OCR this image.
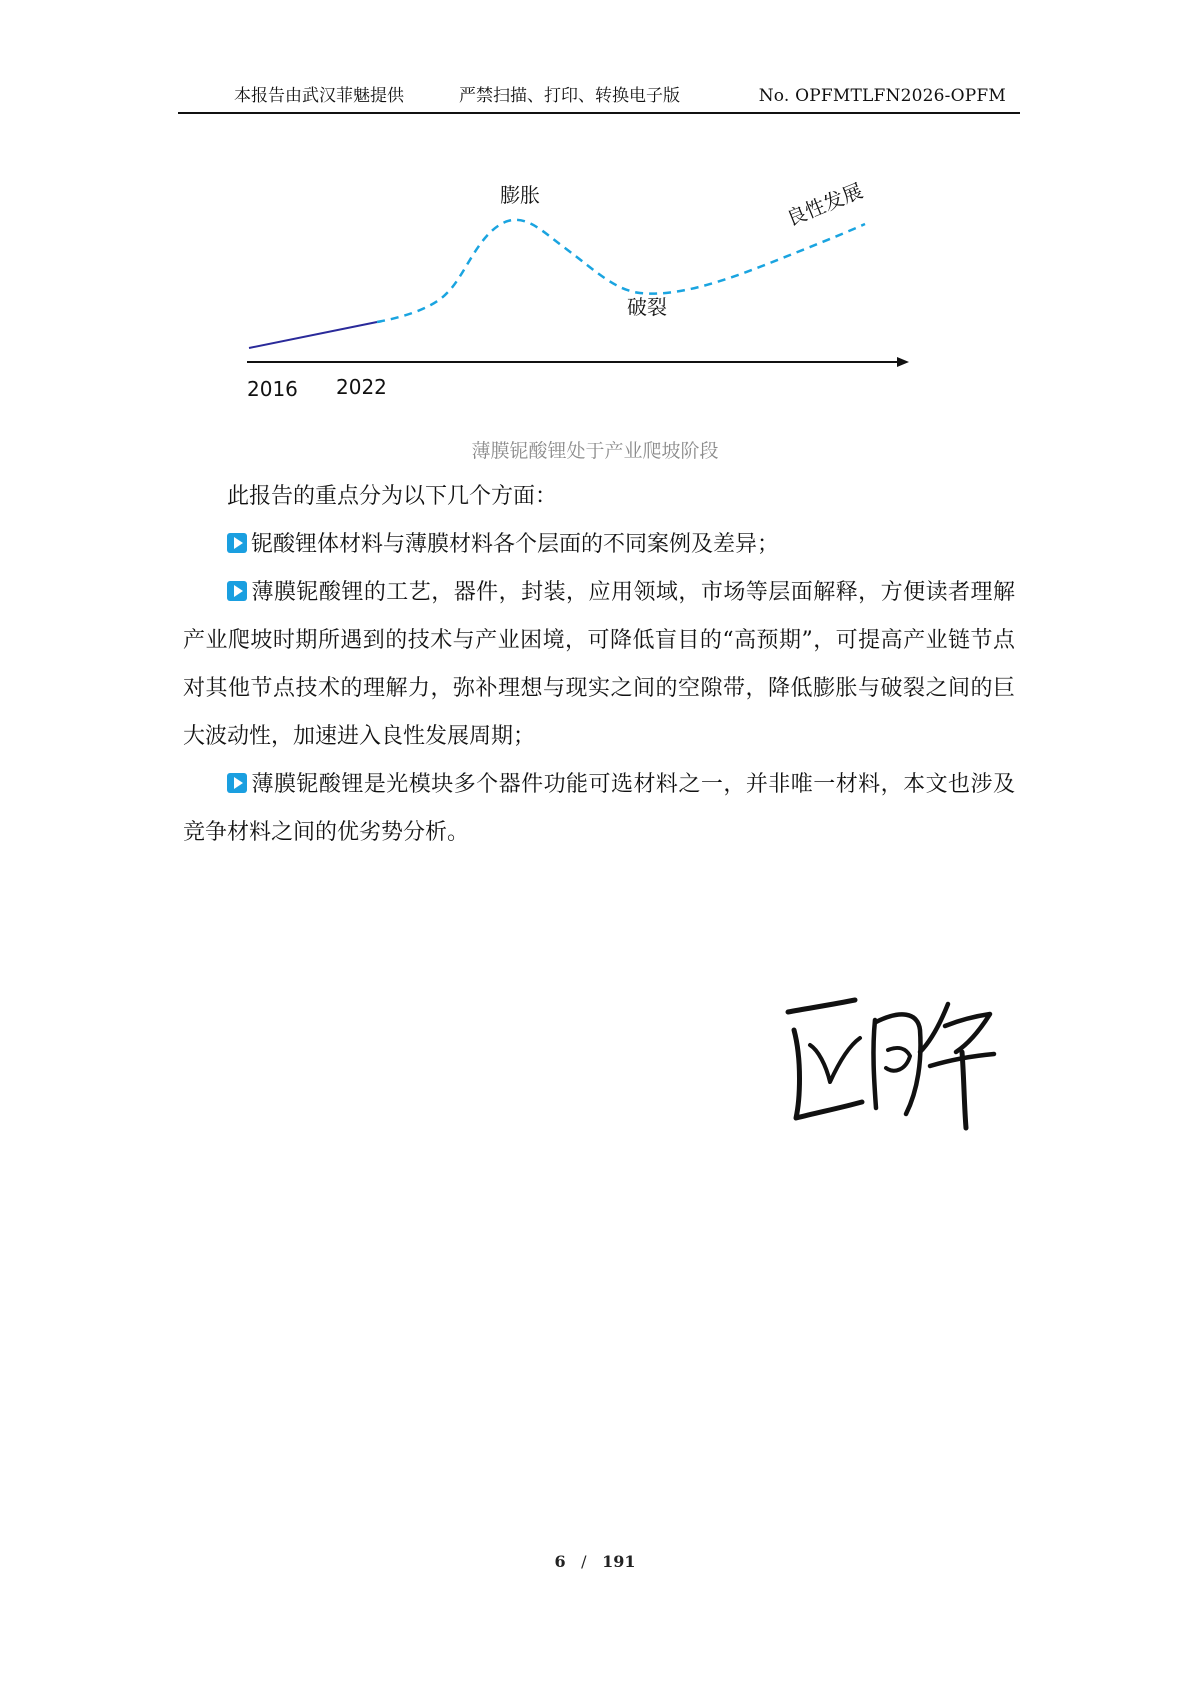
本报告由武汉菲魅提供	严禁扫描、打印、转换电子版	No. OPFMTLFN2026-OPFM
膨胀
破裂
良性发展
2016 2022
薄膜铌酸锂处于产业爬坡阶段

此报告的重点分为以下几个方面：

铌酸锂体材料与薄膜材料各个层面的不同案例及差异；

薄膜铌酸锂的工艺，器件，封装，应用领域，市场等层面解释，方便读者理解产业爬坡时期所遇到的技术与产业困境，可降低盲目的“高预期”，可提高产业链节点对其他节点技术的理解力，弥补理想与现实之间的空隙带，降低膨胀与破裂之间的巨大波动性，加速进入良性发展周期；

薄膜铌酸锂是光模块多个器件功能可选材料之一，并非唯一材料，本文也涉及竞争材料之间的优劣势分析。

6 / 191
